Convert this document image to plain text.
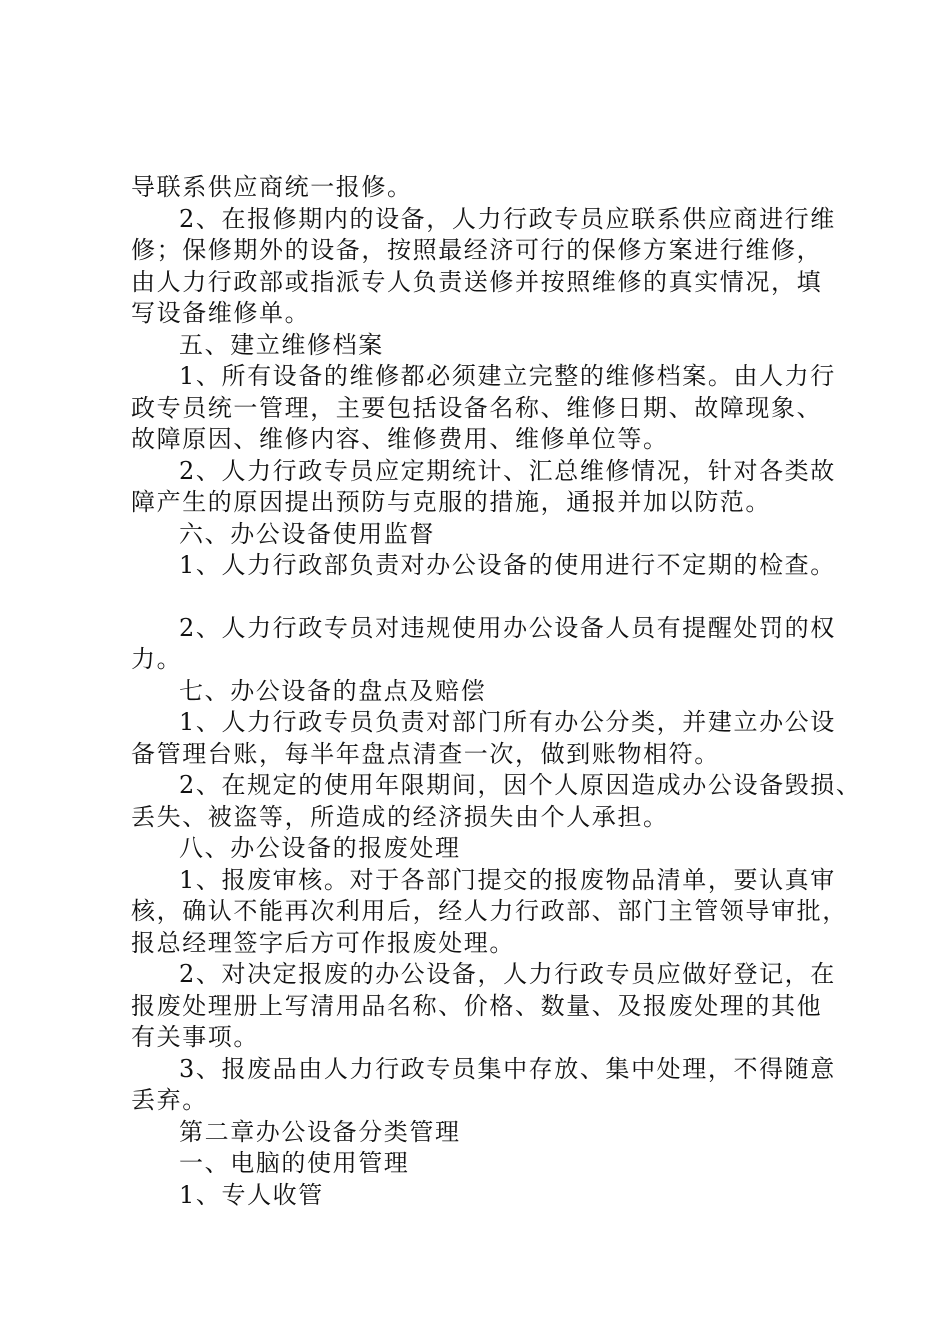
导联系供应商统一报修。
2、在报修期内的设备，人力行政专员应联系供应商进行维
修；保修期外的设备，按照最经济可行的保修方案进行维修，
由人力行政部或指派专人负责送修并按照维修的真实情况，填
写设备维修单。
五、建立维修档案
1、所有设备的维修都必须建立完整的维修档案。由人力行
政专员统一管理，主要包括设备名称、维修日期、故障现象、
故障原因、维修内容、维修费用、维修单位等。
2、人力行政专员应定期统计、汇总维修情况，针对各类故
障产生的原因提出预防与克服的措施，通报并加以防范。
六、办公设备使用监督
1、人力行政部负责对办公设备的使用进行不定期的检查。
2、人力行政专员对违规使用办公设备人员有提醒处罚的权
力。
七、办公设备的盘点及赔偿
1、人力行政专员负责对部门所有办公分类，并建立办公设
备管理台账，每半年盘点清查一次，做到账物相符。
2、在规定的使用年限期间，因个人原因造成办公设备毁损、
丢失、被盗等，所造成的经济损失由个人承担。
八、办公设备的报废处理
1、报废审核。对于各部门提交的报废物品清单，要认真审
核，确认不能再次利用后，经人力行政部、部门主管领导审批，
报总经理签字后方可作报废处理。
2、对决定报废的办公设备，人力行政专员应做好登记，在
报废处理册上写清用品名称、价格、数量、及报废处理的其他
有关事项。
3、报废品由人力行政专员集中存放、集中处理，不得随意
丢弃。
第二章办公设备分类管理
一、电脑的使用管理
1、专人收管
